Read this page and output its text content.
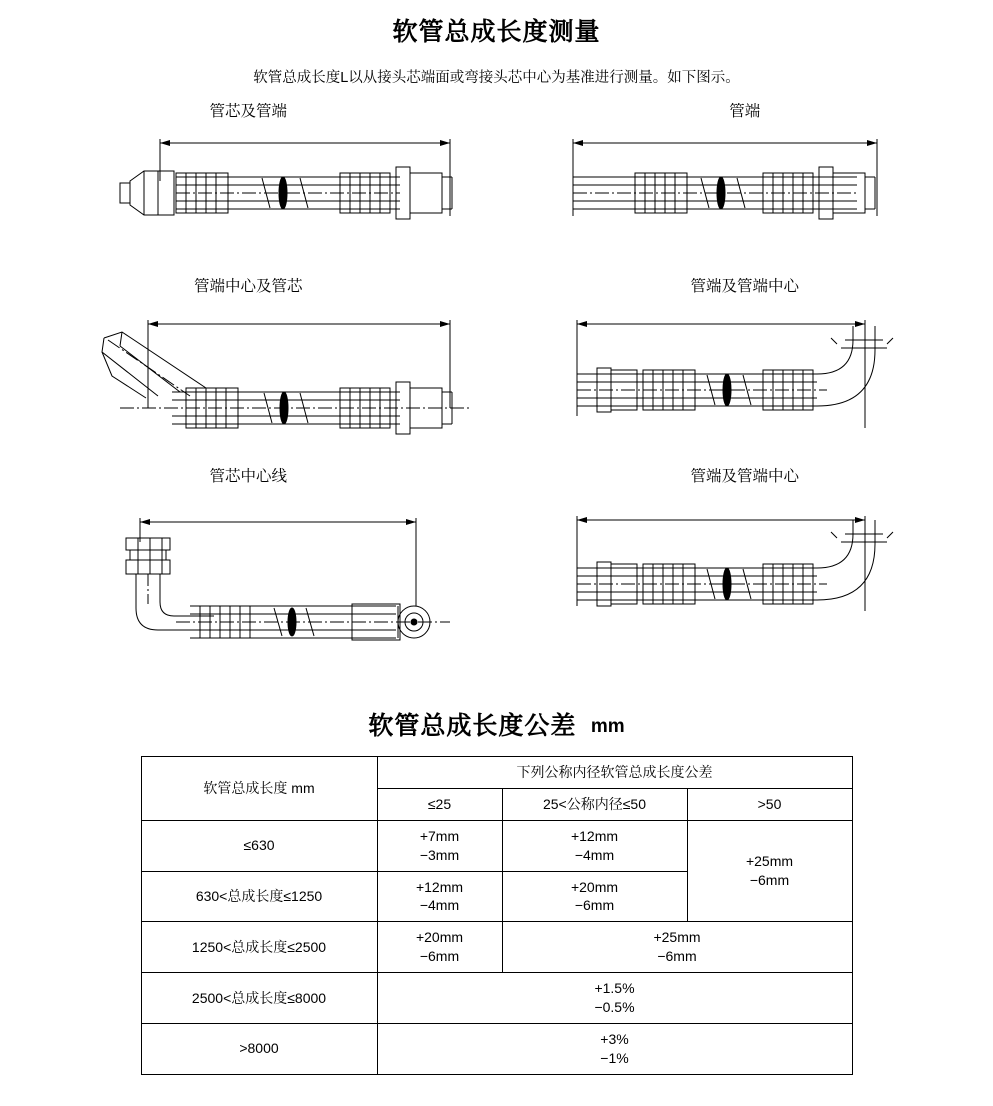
软管总成长度测量
软管总成长度L以从接头芯端面或弯接头芯中心为基准进行测量。如下图示。
管芯及管端	管端
管端中心及管芯	管端及管端中心
管芯中心线	管端及管端中心
软管总成长度公差 mm
软管总成长度 mm	下列公称内径软管总成长度公差		
	≤25	25<公称内径≤50	>50
≤630	+7mm
−3mm	+12mm
−4mm	+25mm
−6mm

630<总成长度≤1250	+12mm
−4mm	+20mm
−6mm	

1250<总成长度≤2500	+20mm
−6mm	+25mm
−6mm	

2500<总成长度≤8000	+1.5%
−0.5%		

>8000	+3%
−1%		
